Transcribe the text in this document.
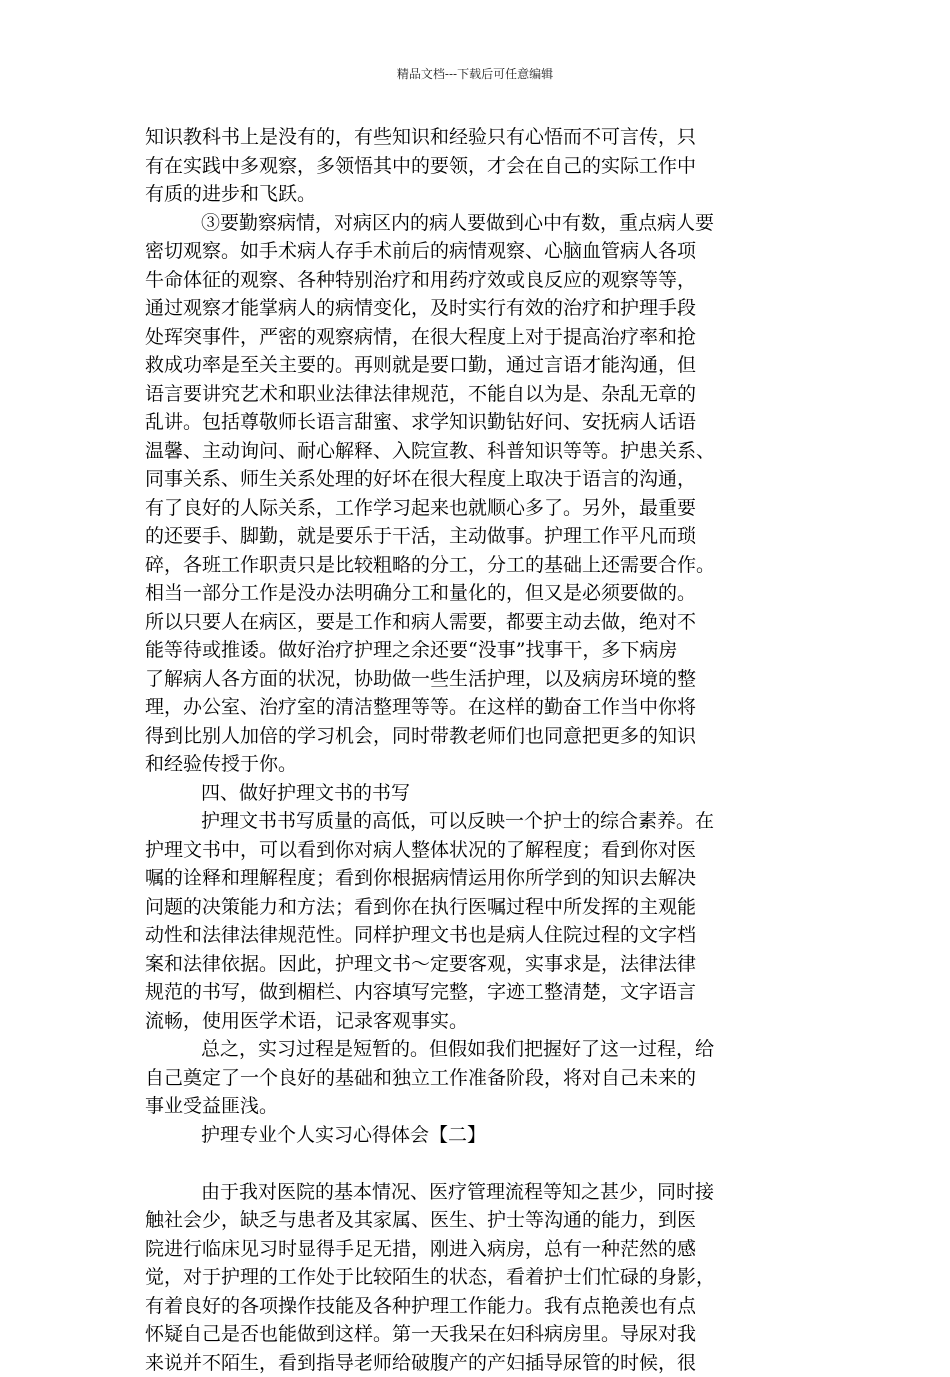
精品文档---下载后可任意编辑
知识教科书上是没有的，有些知识和经验只有心悟而不可言传，只
有在实践中多观察，多领悟其中的要领，才会在自己的实际工作中
有质的进步和飞跃。
③要勤察病情，对病区内的病人要做到心中有数，重点病人要
密切观察。如手术病人存手术前后的病情观察、心脑血管病人各项
牛命体征的观察、各种特别治疗和用药疗效或良反应的观察等等，
通过观察才能掌病人的病情变化，及时实行有效的治疗和护理手段
处珲突事件，严密的观察病情，在很大程度上对于提高治疗率和抢
救成功率是至关主要的。再则就是要口勤，通过言语才能沟通，但
语言要讲究艺术和职业法律法律规范，不能自以为是、杂乱无章的
乱讲。包括尊敬师长语言甜蜜、求学知识勤钻好问、安抚病人话语
温馨、主动询问、耐心解释、入院宣教、科普知识等等。护患关系、
同事关系、师生关系处理的好坏在很大程度上取决于语言的沟通，
有了良好的人际关系，工作学习起来也就顺心多了。另外，最重要
的还要手、脚勤，就是要乐于干活，主动做事。护理工作平凡而琐
碎，各班工作职责只是比较粗略的分工，分工的基础上还需要合作。
相当一部分工作是没办法明确分工和量化的，但又是必须要做的。
所以只要人在病区，要是工作和病人需要，都要主动去做，绝对不
能等待或推诿。做好治疗护理之余还要“没事”找事干，多下病房
了解病人各方面的状况，协助做一些生活护理，以及病房环境的整
理，办公室、治疗室的清洁整理等等。在这样的勤奋工作当中你将
得到比别人加倍的学习机会，同时带教老师们也同意把更多的知识
和经验传授于你。
四、做好护理文书的书写
护理文书书写质量的高低，可以反映一个护士的综合素养。在
护理文书中，可以看到你对病人整体状况的了解程度；看到你对医
嘱的诠释和理解程度；看到你根据病情运用你所学到的知识去解决
问题的决策能力和方法；看到你在执行医嘱过程中所发挥的主观能
动性和法律法律规范性。同样护理文书也是病人住院过程的文字档
案和法律依据。因此，护理文书～定要客观，实事求是，法律法律
规范的书写，做到楣栏、内容填写完整，字迹工整清楚，文字语言
流畅，使用医学术语，记录客观事实。
总之，实习过程是短暂的。但假如我们把握好了这一过程，给
自己奠定了一个良好的基础和独立工作准备阶段，将对自己未来的
事业受益匪浅。
护理专业个人实习心得体会【二】
由于我对医院的基本情况、医疗管理流程等知之甚少，同时接
触社会少，缺乏与患者及其家属、医生、护士等沟通的能力，到医
院进行临床见习时显得手足无措，刚进入病房，总有一种茫然的感
觉，对于护理的工作处于比较陌生的状态，看着护士们忙碌的身影，
有着良好的各项操作技能及各种护理工作能力。我有点艳羡也有点
怀疑自己是否也能做到这样。第一天我呆在妇科病房里。导尿对我
来说并不陌生，看到指导老师给破腹产的产妇插导尿管的时候，很
